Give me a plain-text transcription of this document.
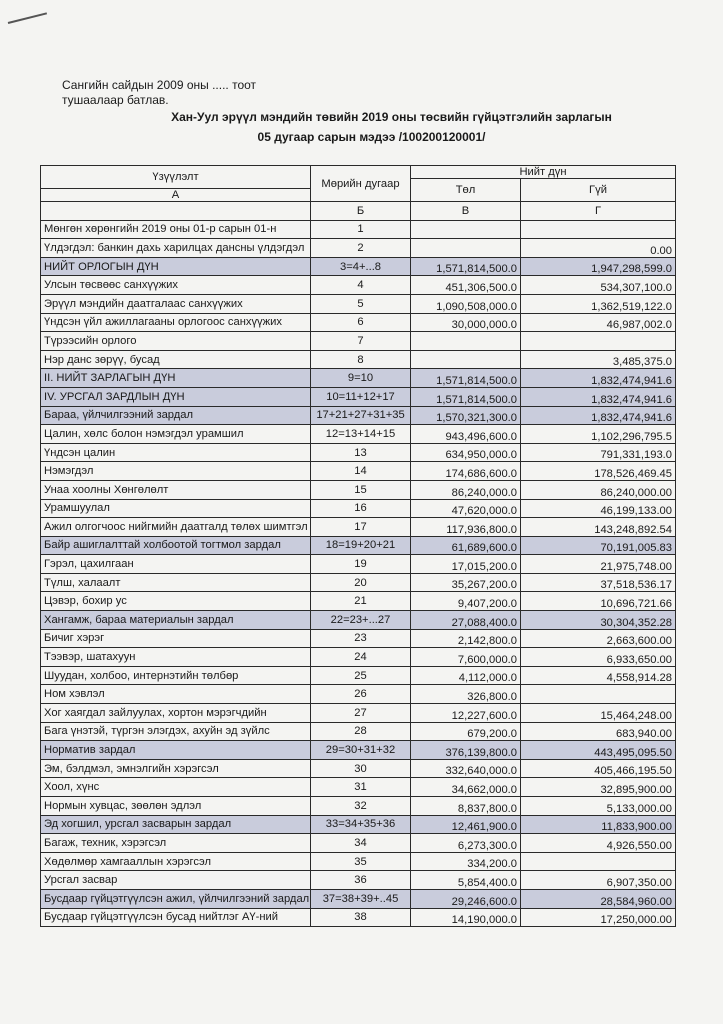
Сангийн сайдын 2009 оны ..... тоот
тушаалаар батлав.
Хан-Уул эрүүл мэндийн төвийн 2019 оны төсвийн гүйцэтгэлийн зарлагын
05 дугаар сарын мэдээ /100200120001/
Үзүүлэлт	Мөрийн дугаар	Нийт дүн	
		Төл	Гүй
А			
	Б	В	Г
Мөнгөн хөрөнгийн 2019 оны 01-р сарын 01-н	1		
Үлдэгдэл: банкин дахь харилцах дансны үлдэгдэл	2		0.00
НИЙТ ОРЛОГЫН ДҮН	3=4+...8	1,571,814,500.0	1,947,298,599.0
Улсын төсвөөс санхүүжих	4	451,306,500.0	534,307,100.0
Эрүүл мэндийн даатгалаас санхүүжих	5	1,090,508,000.0	1,362,519,122.0
Үндсэн үйл ажиллагааны орлогоос санхүүжих	6	30,000,000.0	46,987,002.0
Түрээсийн орлого	7		
Нэр данс зөрүү, бусад	8		3,485,375.0
II. НИЙТ ЗАРЛАГЫН ДҮН	9=10	1,571,814,500.0	1,832,474,941.6
IV. УРСГАЛ ЗАРДЛЫН ДҮН	10=11+12+17	1,571,814,500.0	1,832,474,941.6
Бараа, үйлчилгээний зардал	17+21+27+31+35	1,570,321,300.0	1,832,474,941.6
Цалин, хөлс болон нэмэгдэл урамшил	12=13+14+15	943,496,600.0	1,102,296,795.5
Үндсэн цалин	13	634,950,000.0	791,331,193.0
Нэмэгдэл	14	174,686,600.0	178,526,469.45
Унаа хоолны Хөнгөлөлт	15	86,240,000.0	86,240,000.00
Урамшуулал	16	47,620,000.0	46,199,133.00
Ажил олгогчоос нийгмийн даатгалд төлөх шимтгэл	17	117,936,800.0	143,248,892.54
Байр ашиглалттай холбоотой тогтмол зардал	18=19+20+21	61,689,600.0	70,191,005.83
Гэрэл, цахилгаан	19	17,015,200.0	21,975,748.00
Түлш, халаалт	20	35,267,200.0	37,518,536.17
Цэвэр, бохир ус	21	9,407,200.0	10,696,721.66
Хангамж, бараа материалын зардал	22=23+...27	27,088,400.0	30,304,352.28
Бичиг хэрэг	23	2,142,800.0	2,663,600.00
Тээвэр, шатахуун	24	7,600,000.0	6,933,650.00
Шуудан, холбоо, интернэтийн төлбөр	25	4,112,000.0	4,558,914.28
Ном хэвлэл	26	326,800.0	
Хог хаягдал зайлуулах, хортон мэрэгчдийн	27	12,227,600.0	15,464,248.00
Бага үнэтэй, түргэн элэгдэх, ахуйн эд зүйлс	28	679,200.0	683,940.00
Нормaтив зардал	29=30+31+32	376,139,800.0	443,495,095.50
Эм, бэлдмэл, эмнэлгийн хэрэгсэл	30	332,640,000.0	405,466,195.50
Хоол, хүнс	31	34,662,000.0	32,895,900.00
Нормын хувцас, зөөлөн эдлэл	32	8,837,800.0	5,133,000.00
Эд хогшил, урсгал засварын зардал	33=34+35+36	12,461,900.0	11,833,900.00
Багаж, техник, хэрэгсэл	34	6,273,300.0	4,926,550.00
Хөдөлмөр хамгааллын хэрэгсэл	35	334,200.0	
Урсгал засвар	36	5,854,400.0	6,907,350.00
Бусдаар гүйцэтгүүлсэн ажил, үйлчилгээний зардал	37=38+39+..45	29,246,600.0	28,584,960.00
Бусдаар гүйцэтгүүлсэн бусад нийтлэг АҮ-ний	38	14,190,000.0	17,250,000.00
